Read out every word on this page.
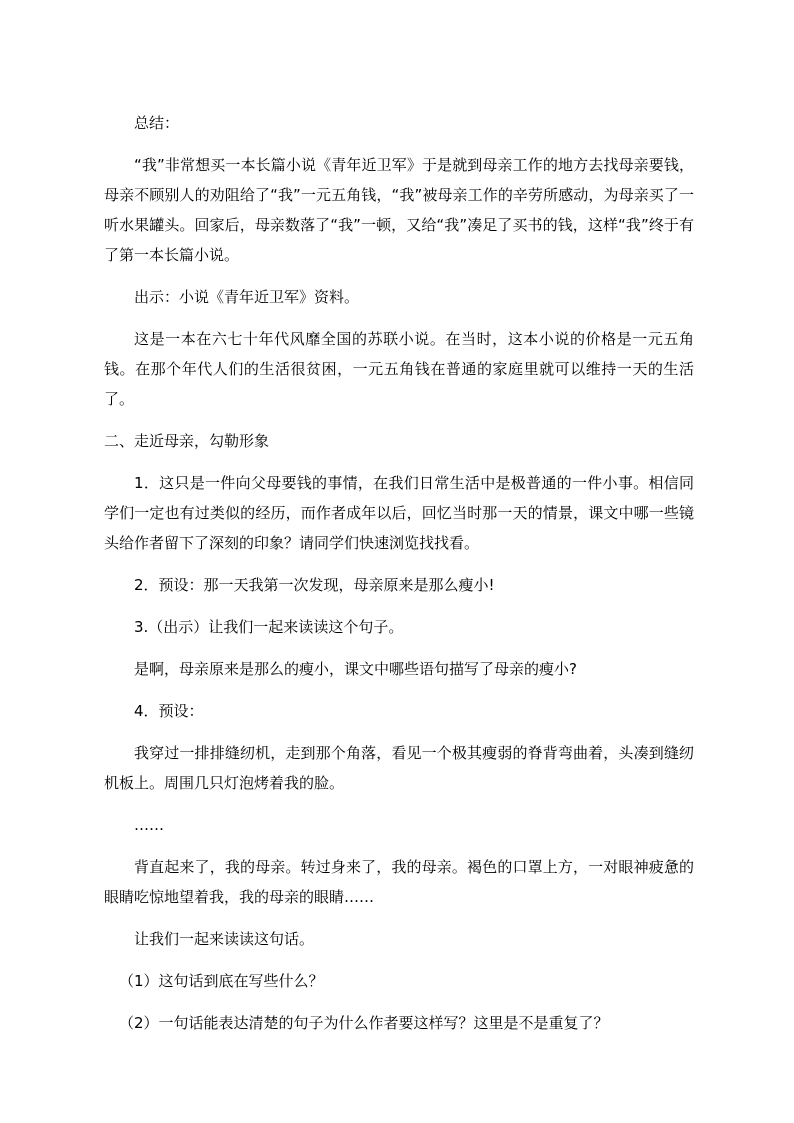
总结：

“我”非常想买一本长篇小说《青年近卫军》于是就到母亲工作的地方去找母亲要钱，母亲不顾别人的劝阻给了“我”一元五角钱，“我”被母亲工作的辛劳所感动，为母亲买了一听水果罐头。回家后，母亲数落了“我”一顿，又给“我”凑足了买书的钱，这样“我”终于有了第一本长篇小说。

出示：小说《青年近卫军》资料。

这是一本在六七十年代风靡全国的苏联小说。在当时，这本小说的价格是一元五角钱。在那个年代人们的生活很贫困，一元五角钱在普通的家庭里就可以维持一天的生活了。

二、走近母亲，勾勒形象

1．这只是一件向父母要钱的事情，在我们日常生活中是极普通的一件小事。相信同学们一定也有过类似的经历，而作者成年以后，回忆当时那一天的情景，课文中哪一些镜头给作者留下了深刻的印象？请同学们快速浏览找找看。

2．预设：那一天我第一次发现，母亲原来是那么瘦小!

3.（出示）让我们一起来读读这个句子。

是啊，母亲原来是那么的瘦小，课文中哪些语句描写了母亲的瘦小?

4．预设：

我穿过一排排缝纫机，走到那个角落，看见一个极其瘦弱的脊背弯曲着，头凑到缝纫机板上。周围几只灯泡烤着我的脸。

……

背直起来了，我的母亲。转过身来了，我的母亲。褐色的口罩上方，一对眼神疲惫的眼睛吃惊地望着我，我的母亲的眼睛……

让我们一起来读读这句话。

（1）这句话到底在写些什么？

（2）一句话能表达清楚的句子为什么作者要这样写？这里是不是重复了？
